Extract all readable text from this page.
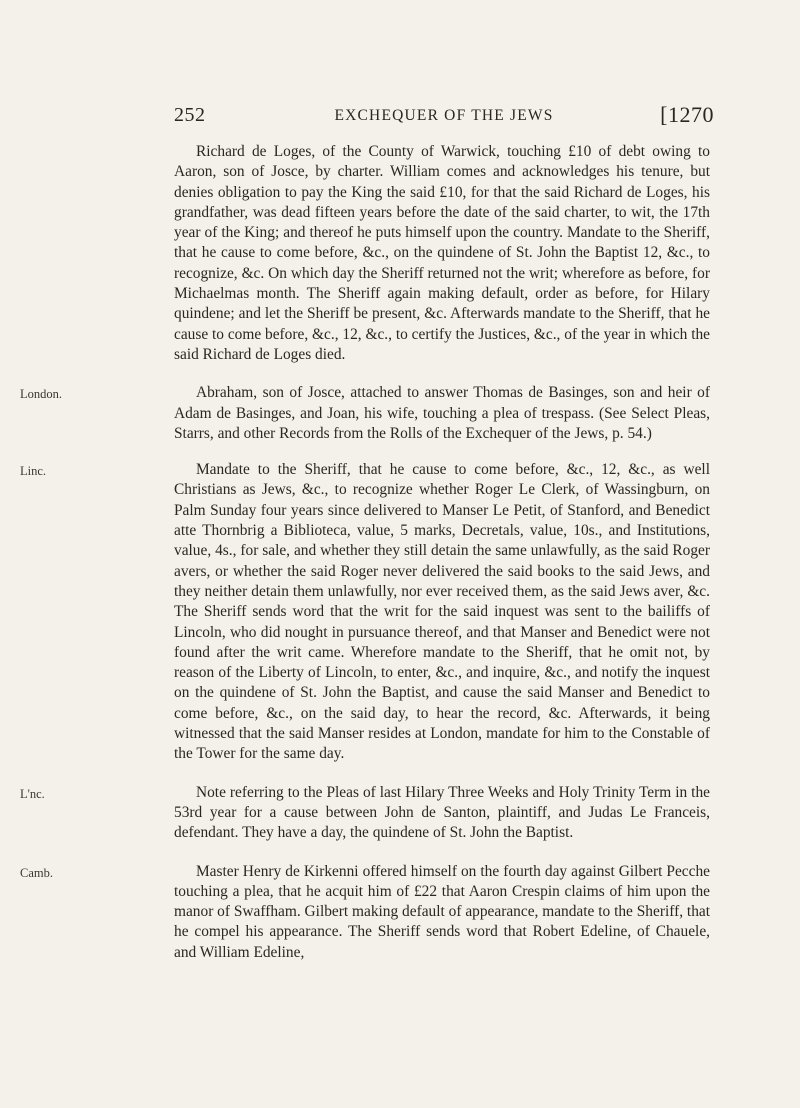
252	EXCHEQUER OF THE JEWS	[1270

Richard de Loges, of the County of Warwick, touching £10 of debt owing to Aaron, son of Josce, by charter. William comes and acknowledges his tenure, but denies obligation to pay the King the said £10, for that the said Richard de Loges, his grandfather, was dead fifteen years before the date of the said charter, to wit, the 17th year of the King; and thereof he puts himself upon the country. Mandate to the Sheriff, that he cause to come before, &c., on the quindene of St. John the Baptist 12, &c., to recognize, &c. On which day the Sheriff returned not the writ; wherefore as before, for Michaelmas month. The Sheriff again making default, order as before, for Hilary quindene; and let the Sheriff be present, &c. Afterwards mandate to the Sheriff, that he cause to come before, &c., 12, &c., to certify the Justices, &c., of the year in which the said Richard de Loges died.

London.	Abraham, son of Josce, attached to answer Thomas de Basinges, son and heir of Adam de Basinges, and Joan, his wife, touching a plea of trespass. (See Select Pleas, Starrs, and other Records from the Rolls of the Exchequer of the Jews, p. 54.)

Linc.	Mandate to the Sheriff, that he cause to come before, &c., 12, &c., as well Christians as Jews, &c., to recognize whether Roger Le Clerk, of Wassingburn, on Palm Sunday four years since delivered to Manser Le Petit, of Stanford, and Benedict atte Thornbrig a Biblioteca, value, 5 marks, Decretals, value, 10s., and Institutions, value, 4s., for sale, and whether they still detain the same unlawfully, as the said Roger avers, or whether the said Roger never delivered the said books to the said Jews, and they neither detain them unlawfully, nor ever received them, as the said Jews aver, &c. The Sheriff sends word that the writ for the said inquest was sent to the bailiffs of Lincoln, who did nought in pursuance thereof, and that Manser and Benedict were not found after the writ came. Wherefore mandate to the Sheriff, that he omit not, by reason of the Liberty of Lincoln, to enter, &c., and inquire, &c., and notify the inquest on the quindene of St. John the Baptist, and cause the said Manser and Benedict to come before, &c., on the said day, to hear the record, &c. Afterwards, it being witnessed that the said Manser resides at London, mandate for him to the Constable of the Tower for the same day.

L'nc.	Note referring to the Pleas of last Hilary Three Weeks and Holy Trinity Term in the 53rd year for a cause between John de Santon, plaintiff, and Judas Le Franceis, defendant. They have a day, the quindene of St. John the Baptist.

Camb.	Master Henry de Kirkenni offered himself on the fourth day against Gilbert Pecche touching a plea, that he acquit him of £22 that Aaron Crespin claims of him upon the manor of Swaffham. Gilbert making default of appearance, mandate to the Sheriff, that he compel his appearance. The Sheriff sends word that Robert Edeline, of Chauele, and William Edeline,
